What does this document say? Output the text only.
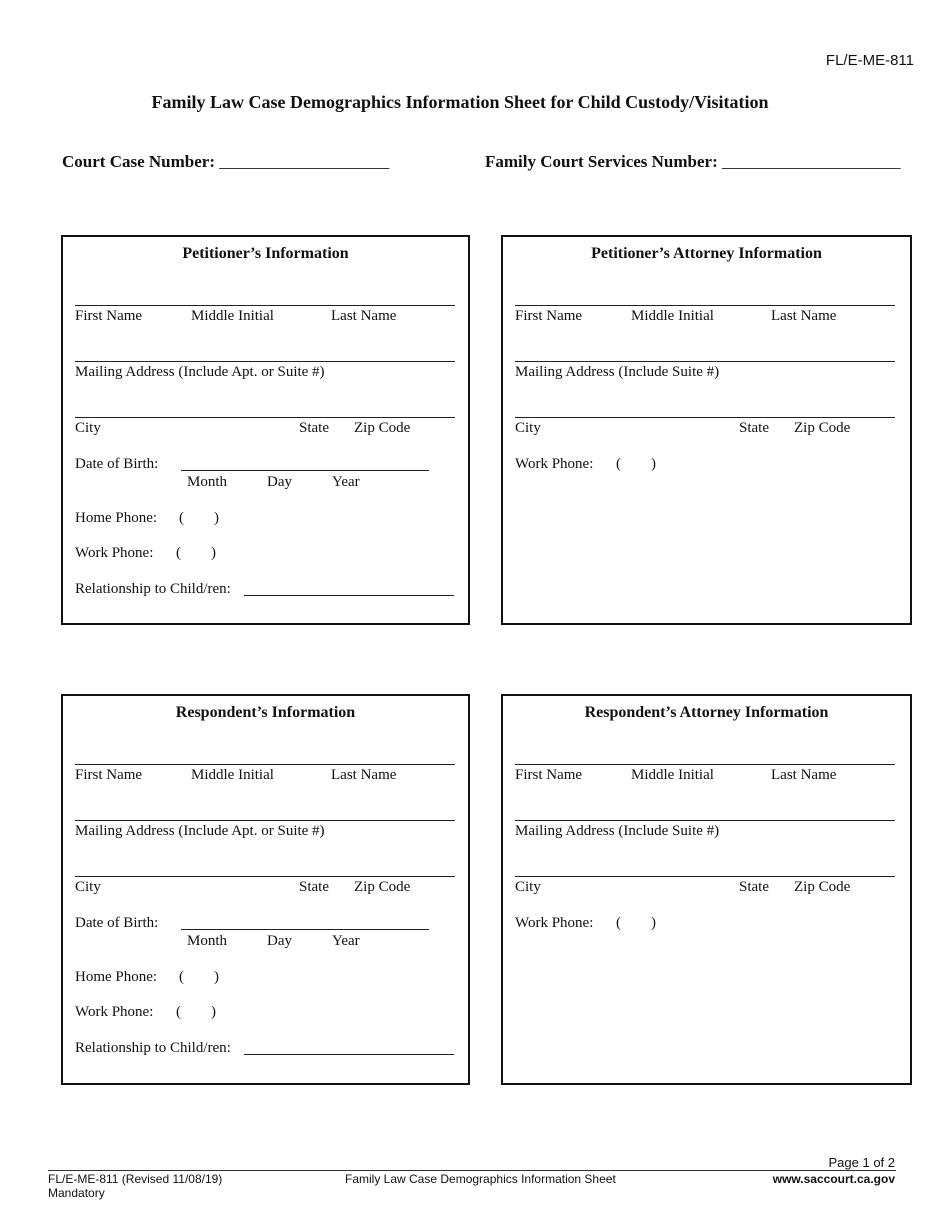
FL/E-ME-811
Family Law Case Demographics Information Sheet for Child Custody/Visitation
Court Case Number: ____________________	Family Court Services Number: _____________________
Petitioner’s Information
First Name	Middle Initial	Last Name
Mailing Address (Include Apt. or Suite #)
City	State Zip Code
Date of Birth:
Month	Day	Year
Home Phone: (        )
Work Phone: (        )
Relationship to Child/ren:
Petitioner’s Attorney Information
First Name	Middle Initial	Last Name
Mailing Address (Include Suite #)
City	State Zip Code
Work Phone: (        )
Respondent’s Information
First Name	Middle Initial	Last Name
Mailing Address (Include Apt. or Suite #)
City	State Zip Code
Date of Birth:
Month	Day	Year
Home Phone: (        )
Work Phone: (        )
Relationship to Child/ren:
Respondent’s Attorney Information
First Name	Middle Initial	Last Name
Mailing Address (Include Suite #)
City	State Zip Code
Work Phone: (        )
Page 1 of 2
FL/E-ME-811 (Revised 11/08/19)
Mandatory
Family Law Case Demographics Information Sheet	www.saccourt.ca.gov
